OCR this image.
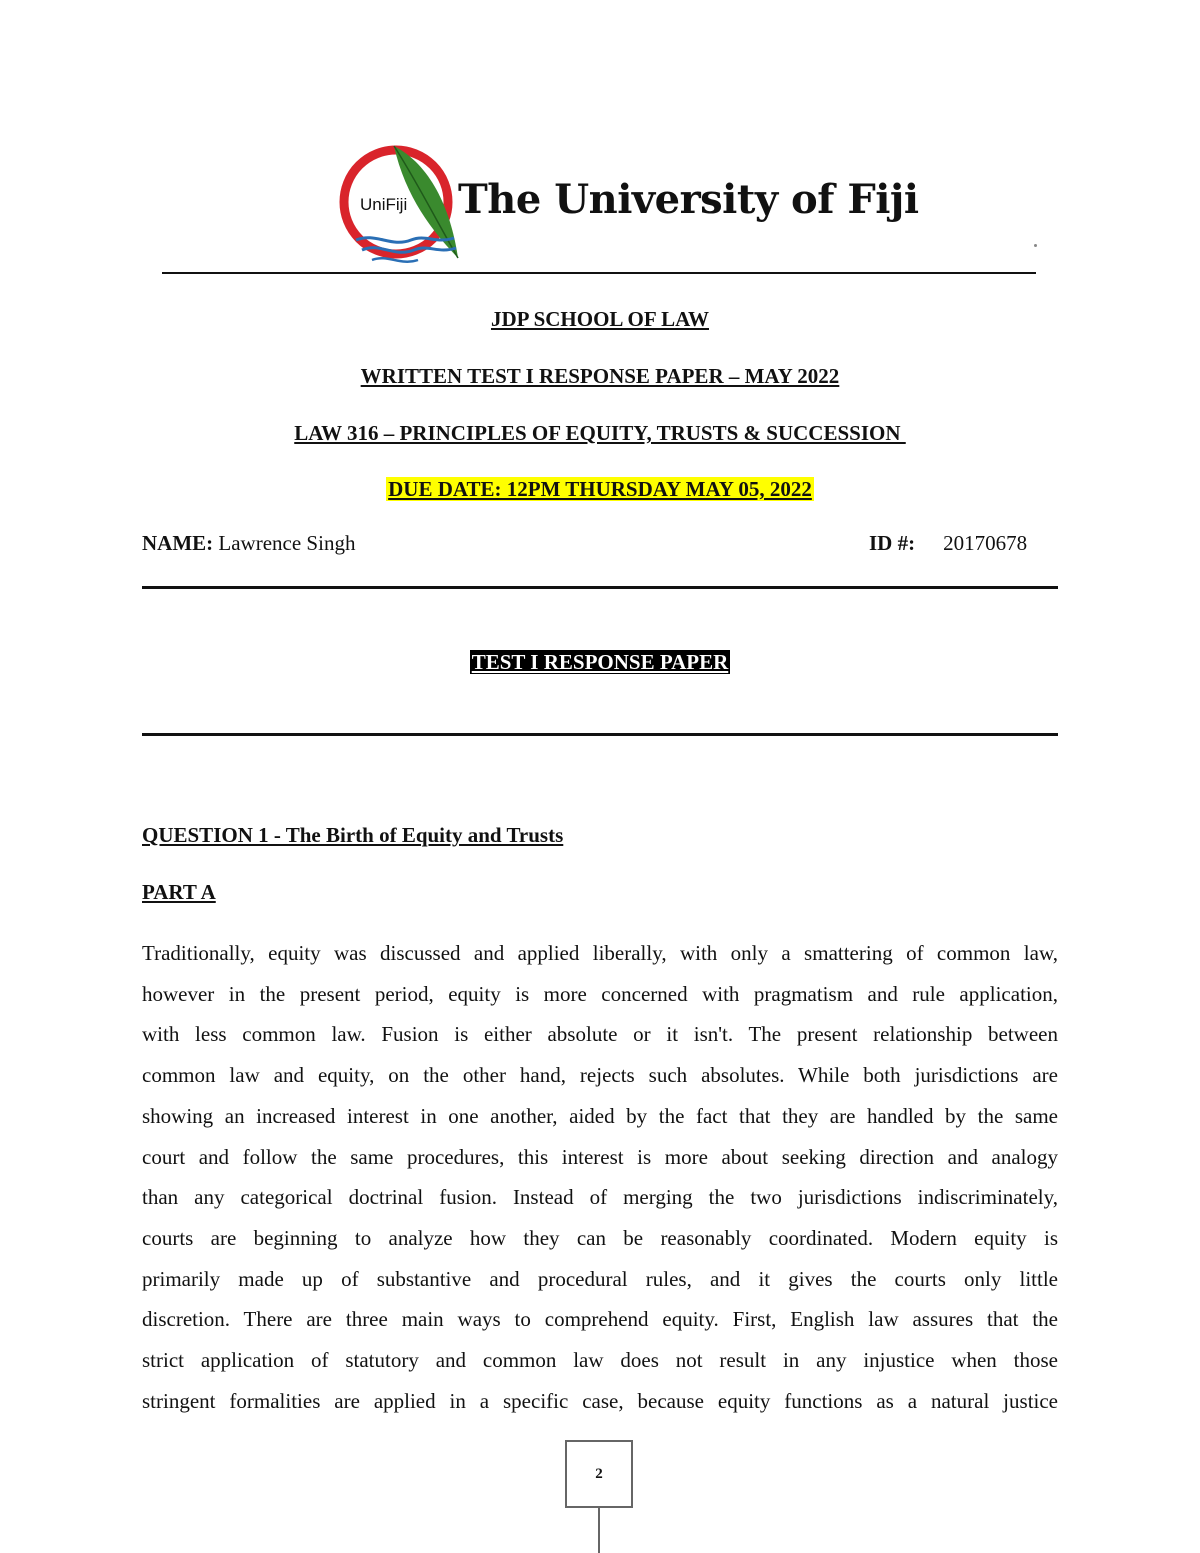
UniFiji The University of Fiji
JDP SCHOOL OF LAW
WRITTEN TEST I RESPONSE PAPER – MAY 2022
LAW 316 – PRINCIPLES OF EQUITY, TRUSTS & SUCCESSION
DUE DATE: 12PM THURSDAY MAY 05, 2022
NAME: Lawrence Singh	ID #: 20170678
TEST I RESPONSE PAPER
QUESTION 1 - The Birth of Equity and Trusts
PART A
Traditionally, equity was discussed and applied liberally, with only a smattering of common law,
however in the present period, equity is more concerned with pragmatism and rule application,
with less common law. Fusion is either absolute or it isn't. The present relationship between
common law and equity, on the other hand, rejects such absolutes. While both jurisdictions are
showing an increased interest in one another, aided by the fact that they are handled by the same
court and follow the same procedures, this interest is more about seeking direction and analogy
than any categorical doctrinal fusion. Instead of merging the two jurisdictions indiscriminately,
courts are beginning to analyze how they can be reasonably coordinated. Modern equity is
primarily made up of substantive and procedural rules, and it gives the courts only little
discretion. There are three main ways to comprehend equity. First, English law assures that the
strict application of statutory and common law does not result in any injustice when those
stringent formalities are applied in a specific case, because equity functions as a natural justice
2
